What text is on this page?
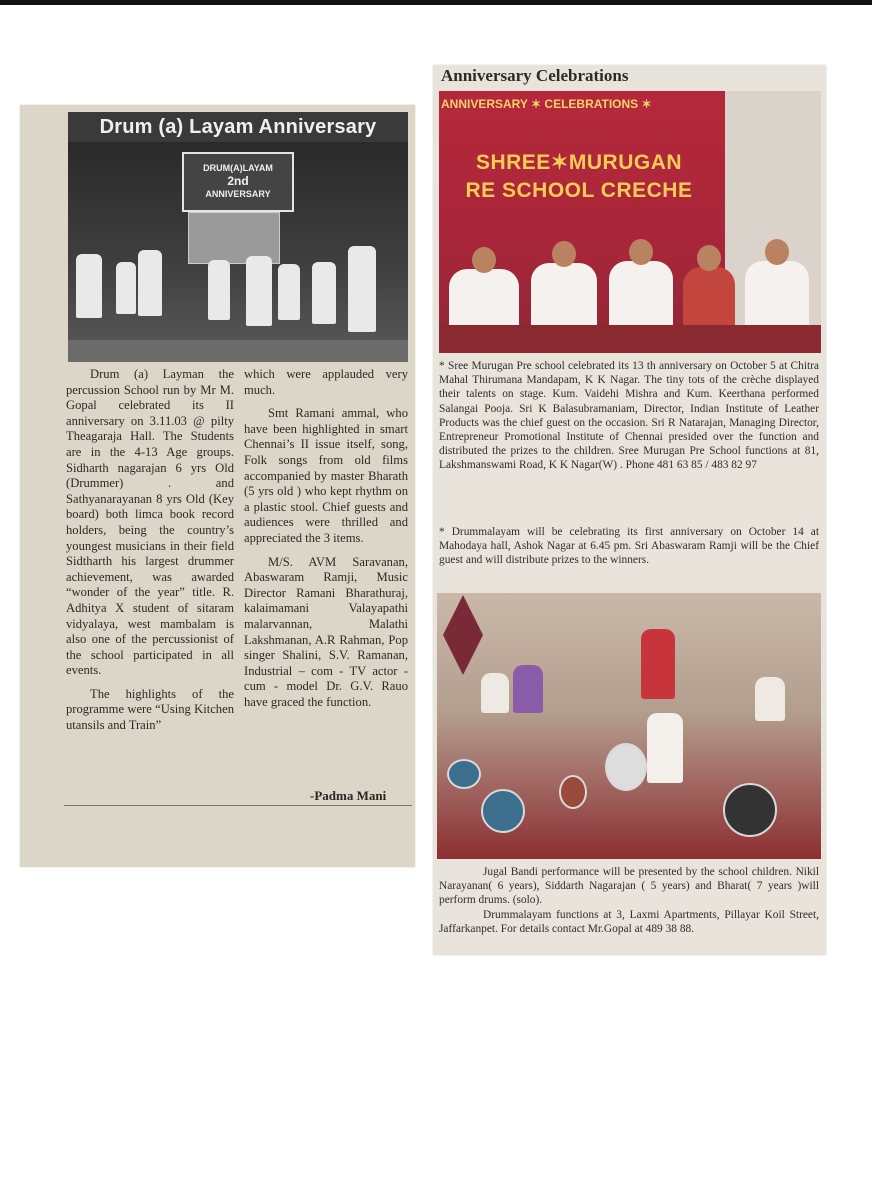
Drum (a) Layam Anniversary
DRUM(A)LAYAM
2nd
ANNIVERSARY

Drum (a) Layman the percussion School run by Mr M. Gopal celebrated its II anniversary on 3.11.03 @ pilty Theagaraja Hall. The Students are in the 4-13 Age groups. Sidharth nagarajan 6 yrs Old (Drummer) . and Sathyanarayanan 8 yrs Old (Key board) both limca book record holders, being the country’s youngest musicians in their field Sidtharth his largest drummer achievement, was awarded “wonder of the year” title. R. Adhitya X student of sitaram vidyalaya, west mambalam is also one of the percussionist of the school participated in all events.

The highlights of the programme were “Using Kitchen utansils and Train”

which were applauded very much.

Smt Ramani ammal, who have been highlighted in smart Chennai’s II issue itself, song, Folk songs from old films accompanied by master Bharath (5 yrs old ) who kept rhythm on a plastic stool. Chief guests and audiences were thrilled and appreciated the 3 items.

M/S. AVM Saravanan, Abaswaram Ramji, Music Director Ramani Bharathuraj, kalaimamani Valayapathi malarvannan, Malathi Lakshmanan, A.R Rahman, Pop singer Shalini, S.V. Ramanan, Industrial – com - TV actor - cum - model Dr. G.V. Rauo have graced the function.

-Padma Mani
Anniversary Celebrations
ANNIVERSARY ✶ CELEBRATIONS ✶
SHREE✶MURUGAN
RE SCHOOL CRECHE

* Sree Murugan Pre school celebrated its 13 th anniversary on October 5 at Chitra Mahal Thirumana Mandapam, K K Nagar. The tiny tots of the crèche displayed their talents on stage. Kum. Vaidehi Mishra and Kum. Keerthana performed Salangai Pooja. Sri K Balasubramaniam, Director, Indian Institute of Leather Products was the chief guest on the occasion. Sri R Natarajan, Managing Director, Entrepreneur Promotional Institute of Chennai presided over the function and distributed the prizes to the children. Sree Murugan Pre School functions at 81, Lakshmanswami Road, K K Nagar(W) . Phone 481 63 85 / 483 82 97

* Drummalayam will be celebrating its first anniversary on October 14 at Mahodaya hall, Ashok Nagar at 6.45 pm. Sri Abaswaram Ramji will be the Chief guest and will distribute prizes to the winners.

Jugal Bandi performance will be presented by the school children. Nikil Narayanan( 6 years), Siddarth Nagarajan ( 5 years) and Bharat( 7 years )will perform drums. (solo).

Drummalayam functions at 3, Laxmi Apartments, Pillayar Koil Street, Jaffarkanpet. For details contact Mr.Gopal at 489 38 88.
